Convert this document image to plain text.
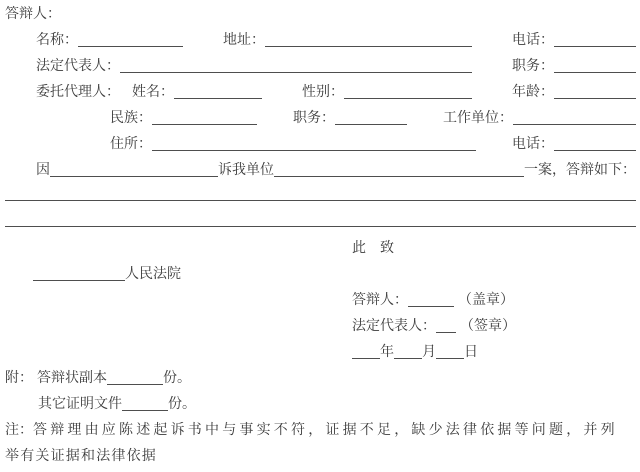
答辩人：
名称：	地址：	电话：
法定代表人：	职务：
委托代理人： 姓名：	性别：	年龄：
民族：	职务：	工作单位：
住所：	电话：
因	诉我单位	一案，答辩如下：
此　致
人民法院
答辩人：	（盖章）
法定代表人： （签章）
年 月 日
附： 答辩状副本	份。
其它证明文件	份。
注： 答辩理由应陈述起诉书中与事实不符，证据不足，缺少法律依据等问题，并列
举有关证据和法律依据
